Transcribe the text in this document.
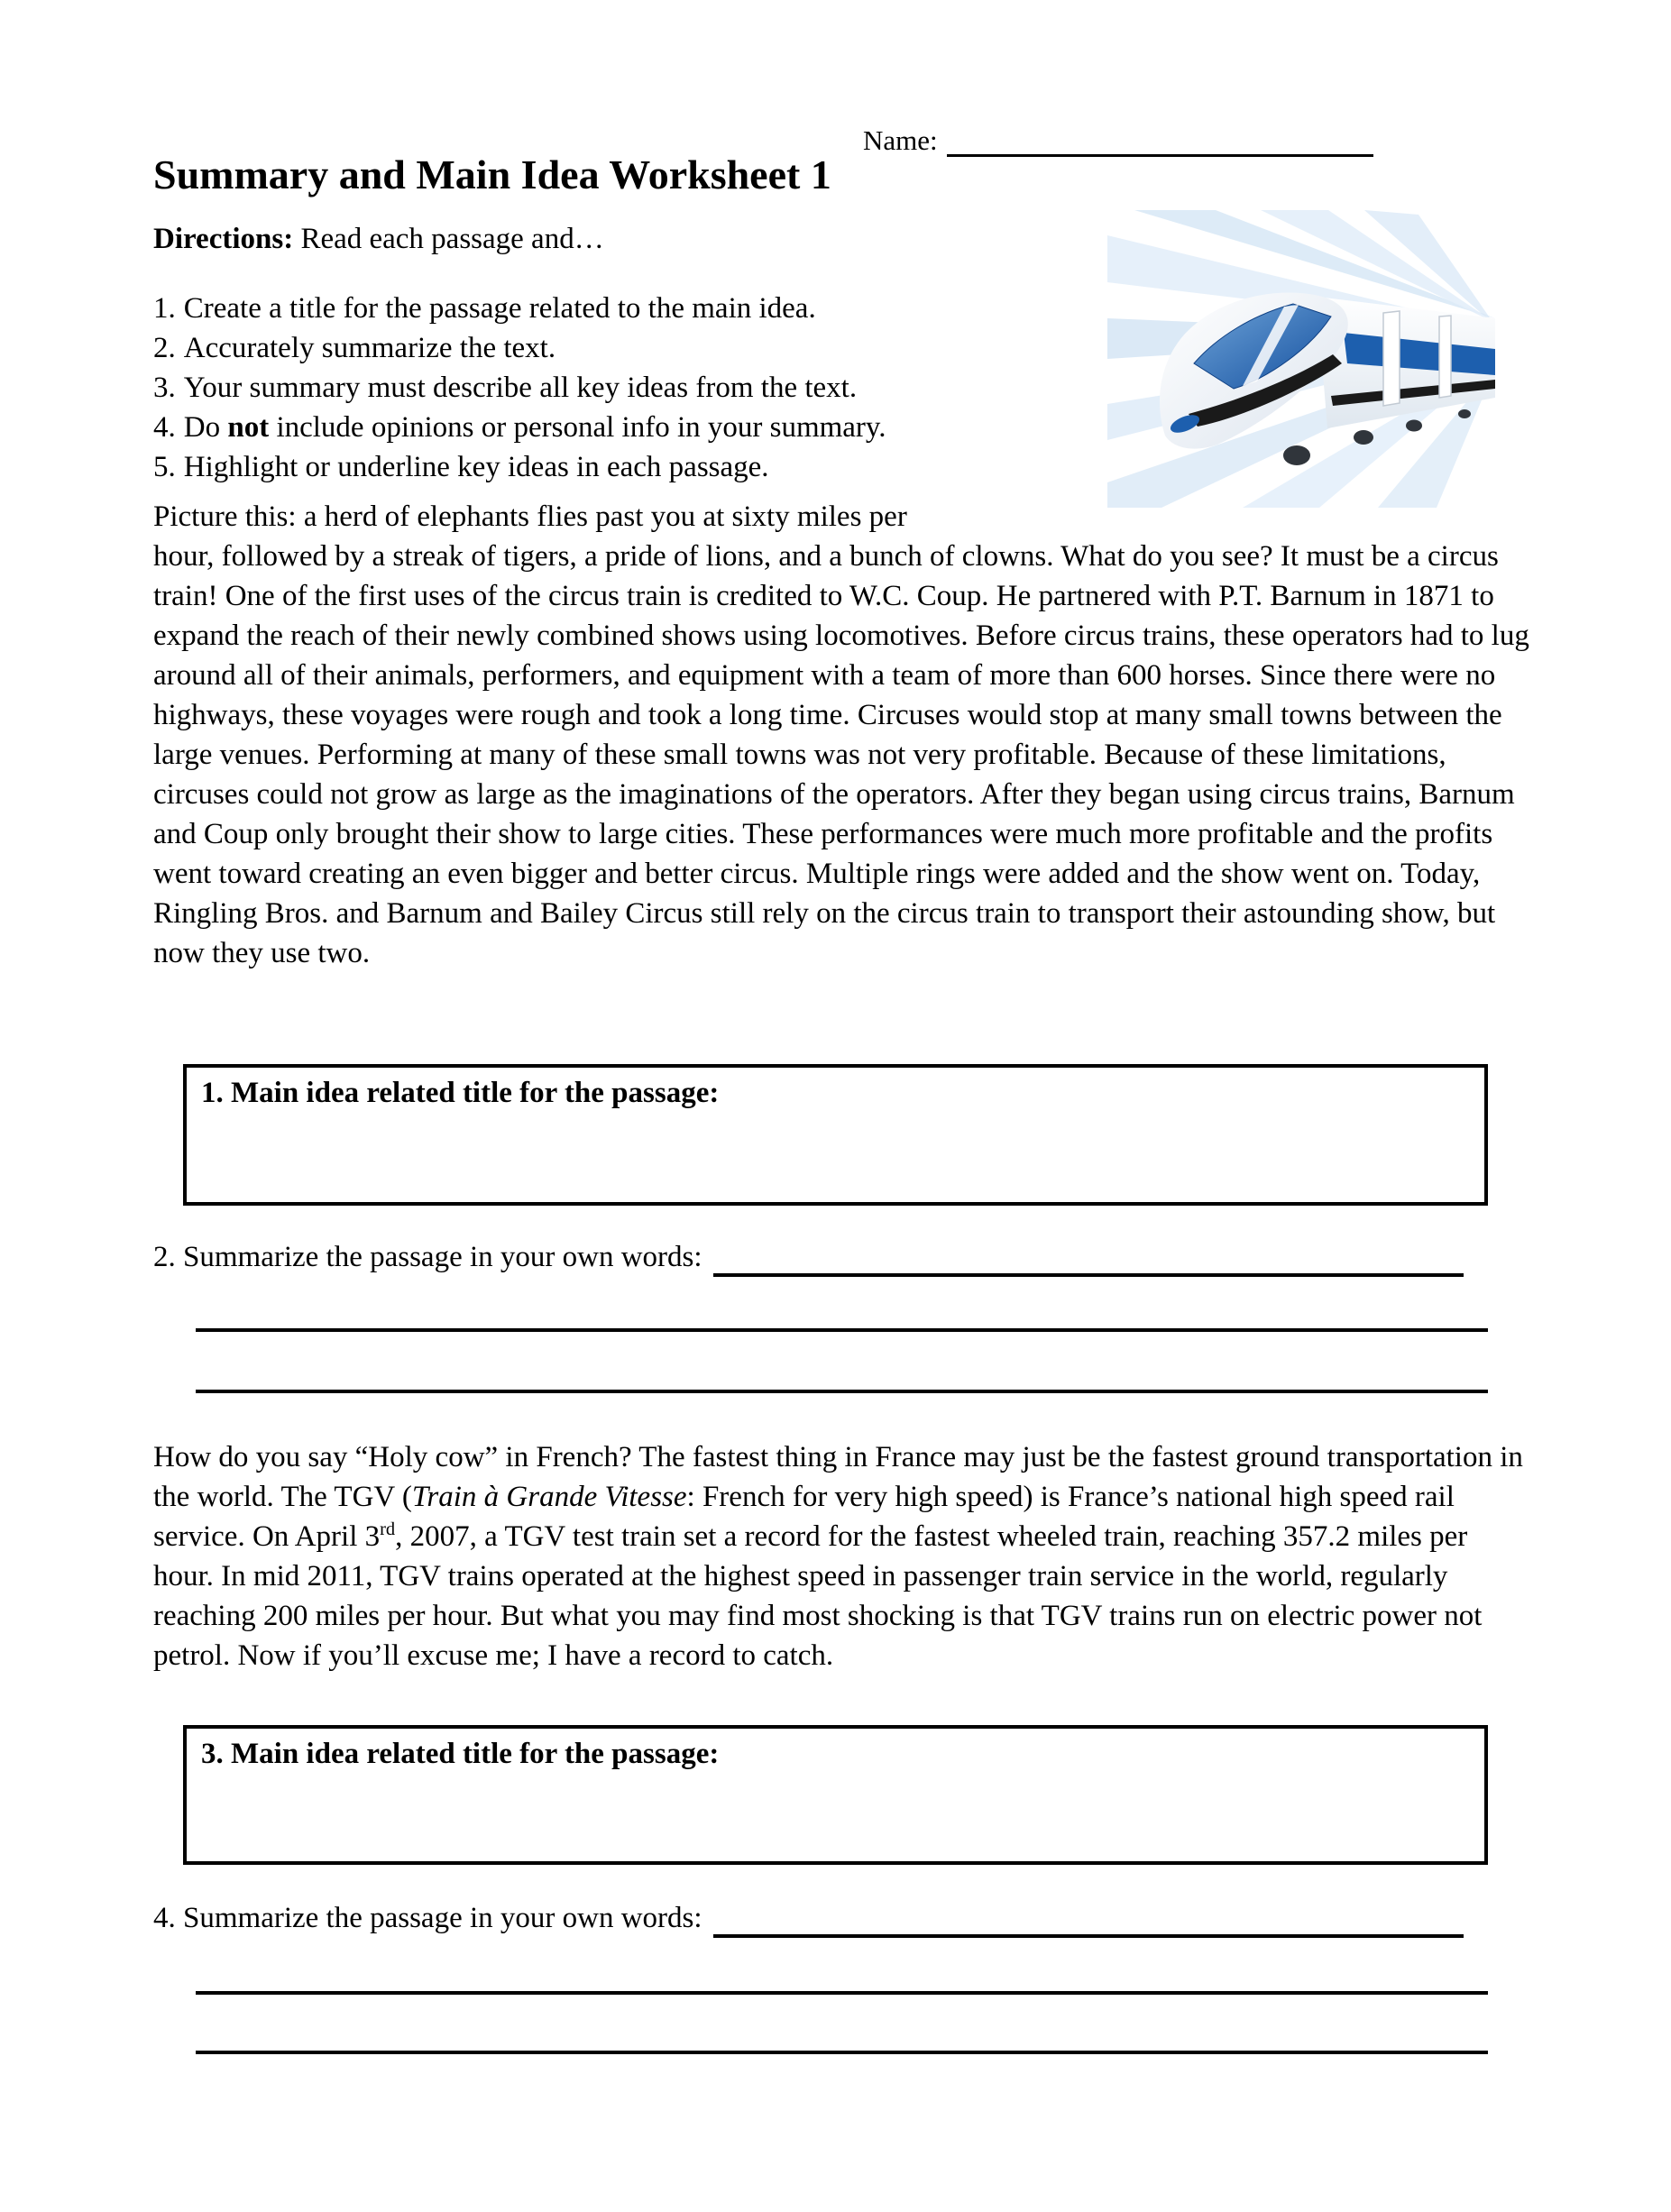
Name:
Summary and Main Idea Worksheet 1

Directions: Read each passage and…

1. Create a title for the passage related to the main idea.
2. Accurately summarize the text.
3. Your summary must describe all key ideas from the text.
4. Do not include opinions or personal info in your summary.
5. Highlight or underline key ideas in each passage.
Picture this: a herd of elephants flies past you at sixty miles per
hour, followed by a streak of tigers, a pride of lions, and a bunch of clowns. What do you see? It must be a circus train! One of the first uses of the circus train is credited to W.C. Coup. He partnered with P.T. Barnum in 1871 to expand the reach of their newly combined shows using locomotives. Before circus trains, these operators had to lug around all of their animals, performers, and equipment with a team of more than 600 horses. Since there were no highways, these voyages were rough and took a long time. Circuses would stop at many small towns between the large venues. Performing at many of these small towns was not very profitable. Because of these limitations, circuses could not grow as large as the imaginations of the operators. After they began using circus trains, Barnum and Coup only brought their show to large cities. These performances were much more profitable and the profits went toward creating an even bigger and better circus. Multiple rings were added and the show went on. Today, Ringling Bros. and Barnum and Bailey Circus still rely on the circus train to transport their astounding show, but now they use two.
1. Main idea related title for the passage:
2. Summarize the passage in your own words:
How do you say “Holy cow” in French? The fastest thing in France may just be the fastest ground transportation in the world. The TGV (Train à Grande Vitesse: French for very high speed) is France’s national high speed rail service. On April 3rd, 2007, a TGV test train set a record for the fastest wheeled train, reaching 357.2 miles per hour. In mid 2011, TGV trains operated at the highest speed in passenger train service in the world, regularly reaching 200 miles per hour. But what you may find most shocking is that TGV trains run on electric power not petrol. Now if you’ll excuse me; I have a record to catch.
3. Main idea related title for the passage:
4. Summarize the passage in your own words:
